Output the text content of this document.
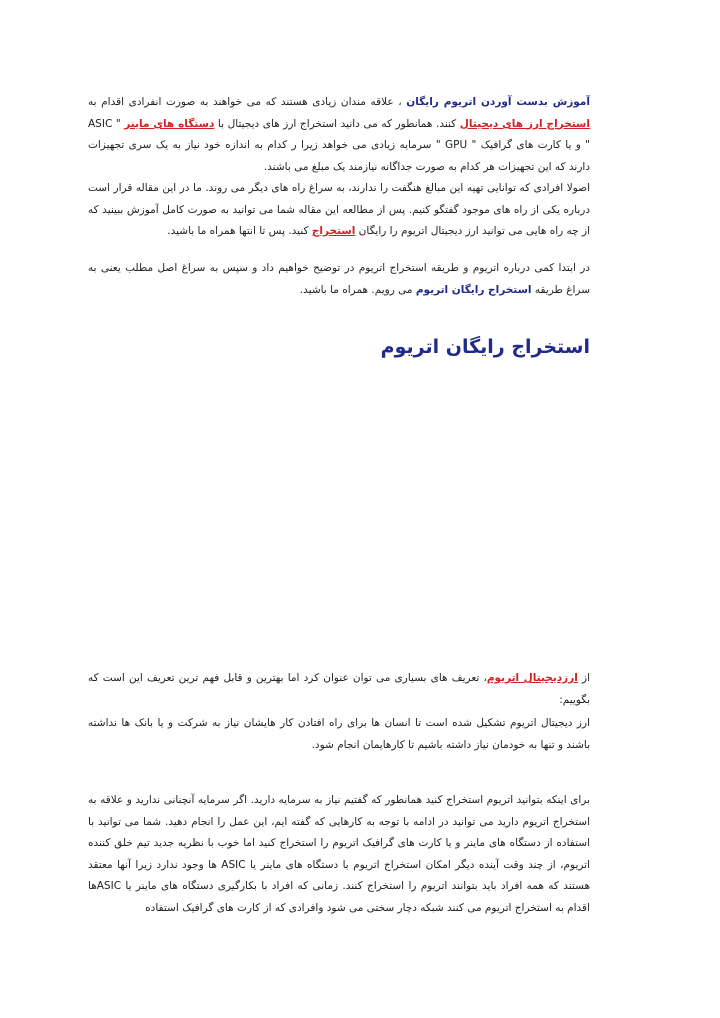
آموزش بدست آوردن اتریوم رایگان ، علاقه مندان زیادی هستند که می خواهند به صورت انفرادی اقدام به استخراج ارز های دیجیتال کنند. همانطور که می دانید استخراج ارز های دیجیتال با دستگاه های ماینر " ASIC " و یا کارت های گرافیک " GPU " سرمایه زیادی می خواهد زیرا ر کدام به اندازه خود نیاز به یک سری تجهیزات دارند که این تجهیزات هر کدام به صورت جداگانه نیازمند یک مبلغ می باشند.

اصولا افرادی که توانایی تهیه این مبالغ هنگفت را ندارند، به سراغ راه های دیگر می روند. ما در این مقاله قرار است درباره یکی از راه های موجود گفتگو کنیم. پس از مطالعه این مقاله شما می توانید به صورت کامل آموزش ببینید که از چه راه هایی می توانید ارز دیجیتال اتریوم را رایگان استخراج کنید. پس تا انتها همراه ما باشید.

در ابتدا کمی درباره اتریوم و طریقه استخراج اتریوم در توضیح خواهیم داد و سپس به سراغ اصل مطلب یعنی به سراغ طریقه استخراج رایگان اتریوم می رویم. همراه ما باشید.

استخراج رایگان اتریوم

از ارزدیجیتال اتریوم، تعریف های بسیاری می توان عنوان کرد اما بهترین و قابل فهم ترین تعریف این است که بگوییم:

ارز دیجیتال اتریوم تشکیل شده است تا انسان ها برای راه افتادن کار هایشان نیاز به شرکت و یا بانک ها نداشته باشند و تنها به خودمان نیاز داشته باشیم تا کارهایمان انجام شود.

برای اینکه بتوانید اتریوم استخراج کنید همانطور که گفتیم نیاز به سرمایه دارید. اگر سرمایه آنچنانی ندارید و علاقه به استخراج اتریوم دارید می توانید در ادامه با توجه به کارهایی که گفته ایم، این عمل را انجام دهید. شما می توانید با استفاده از دستگاه های ماینر و یا کارت های گرافیک اتریوم را استخراج کنید اما خوب با نظریه جدید تیم خلق کننده اتریوم، از چند وقت آینده دیگر امکان استخراج اتریوم با دستگاه های ماینر یا ASIC ها وجود ندارد زیرا آنها معتقد هستند که همه افراد باید بتوانند اتریوم را استخراج کنند. زمانی که افراد با بکارگیری دستگاه های ماینر یا ASICها اقدام به استخراج اتریوم می کنند شبکه دچار سختی می شود وافرادی که از کارت های گرافیک استفاده
